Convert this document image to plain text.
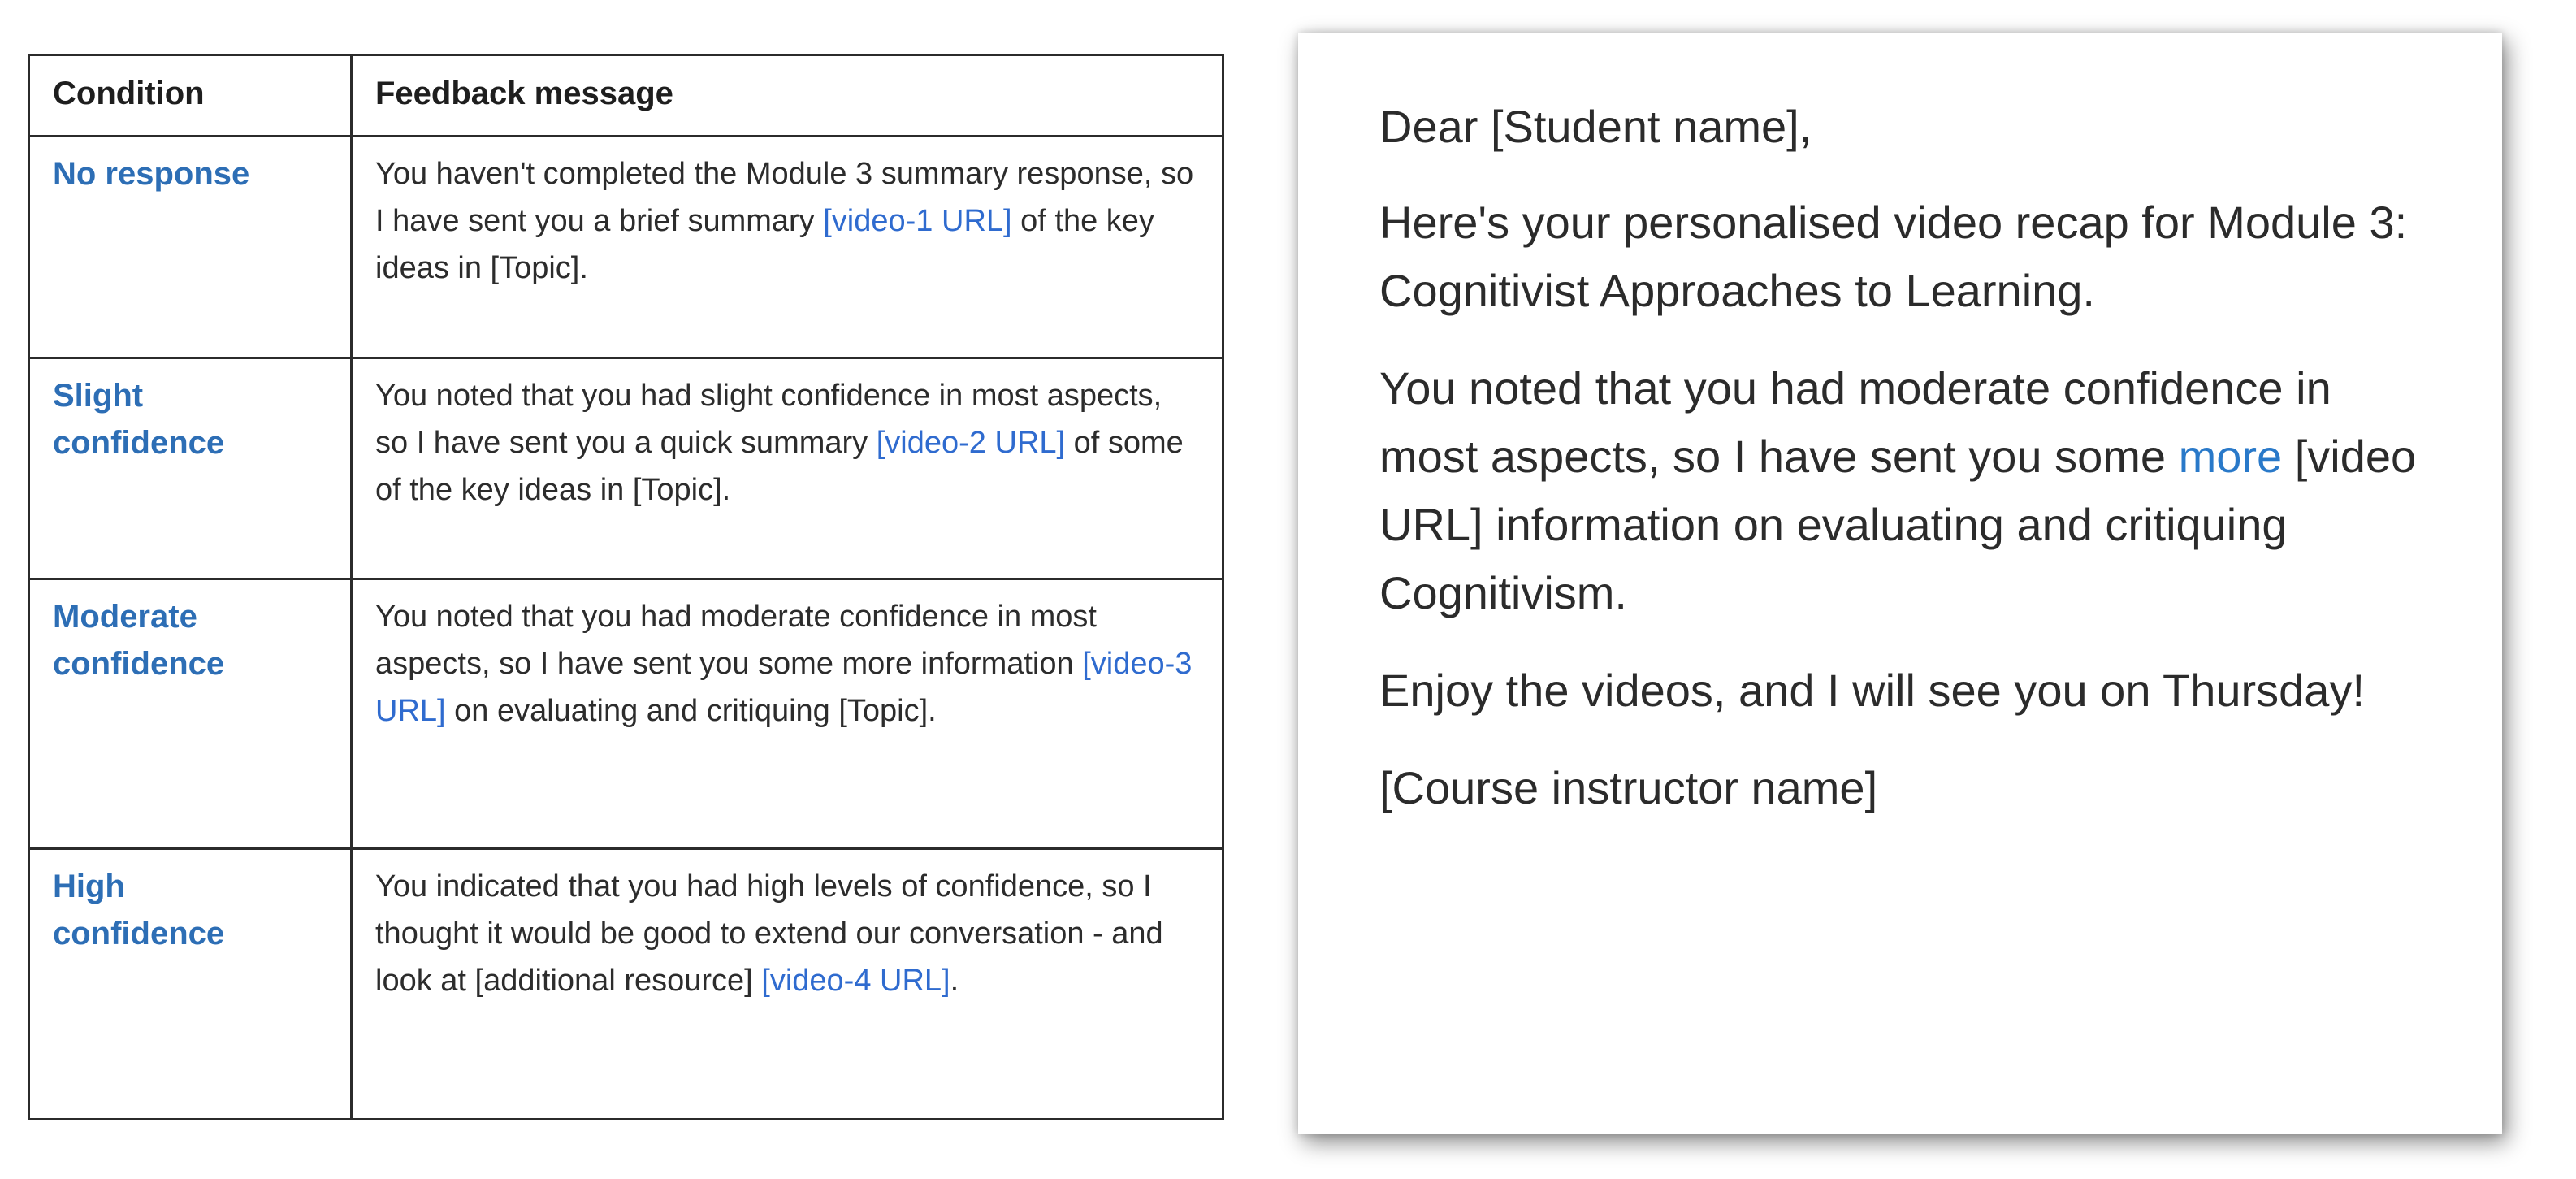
Condition	Feedback message

No response	You haven't completed the Module 3 summary response, so I have sent you a brief summary [video-1 URL] of the key ideas in [Topic].

Slight confidence	You noted that you had slight confidence in most aspects, so I have sent you a quick summary [video-2 URL] of some of the key ideas in [Topic].

Moderate confidence	You noted that you had moderate confidence in most aspects, so I have sent you some more information [video-3 URL] on evaluating and critiquing [Topic].

High confidence	You indicated that you had high levels of confidence, so I thought it would be good to extend our conversation - and look at [additional resource] [video-4 URL].

Dear [Student name],

Here's your personalised video recap for Module 3: Cognitivist Approaches to Learning.

You noted that you had moderate confidence in most aspects, so I have sent you some more [video URL] information on evaluating and critiquing Cognitivism.

Enjoy the videos, and I will see you on Thursday!

[Course instructor name]
